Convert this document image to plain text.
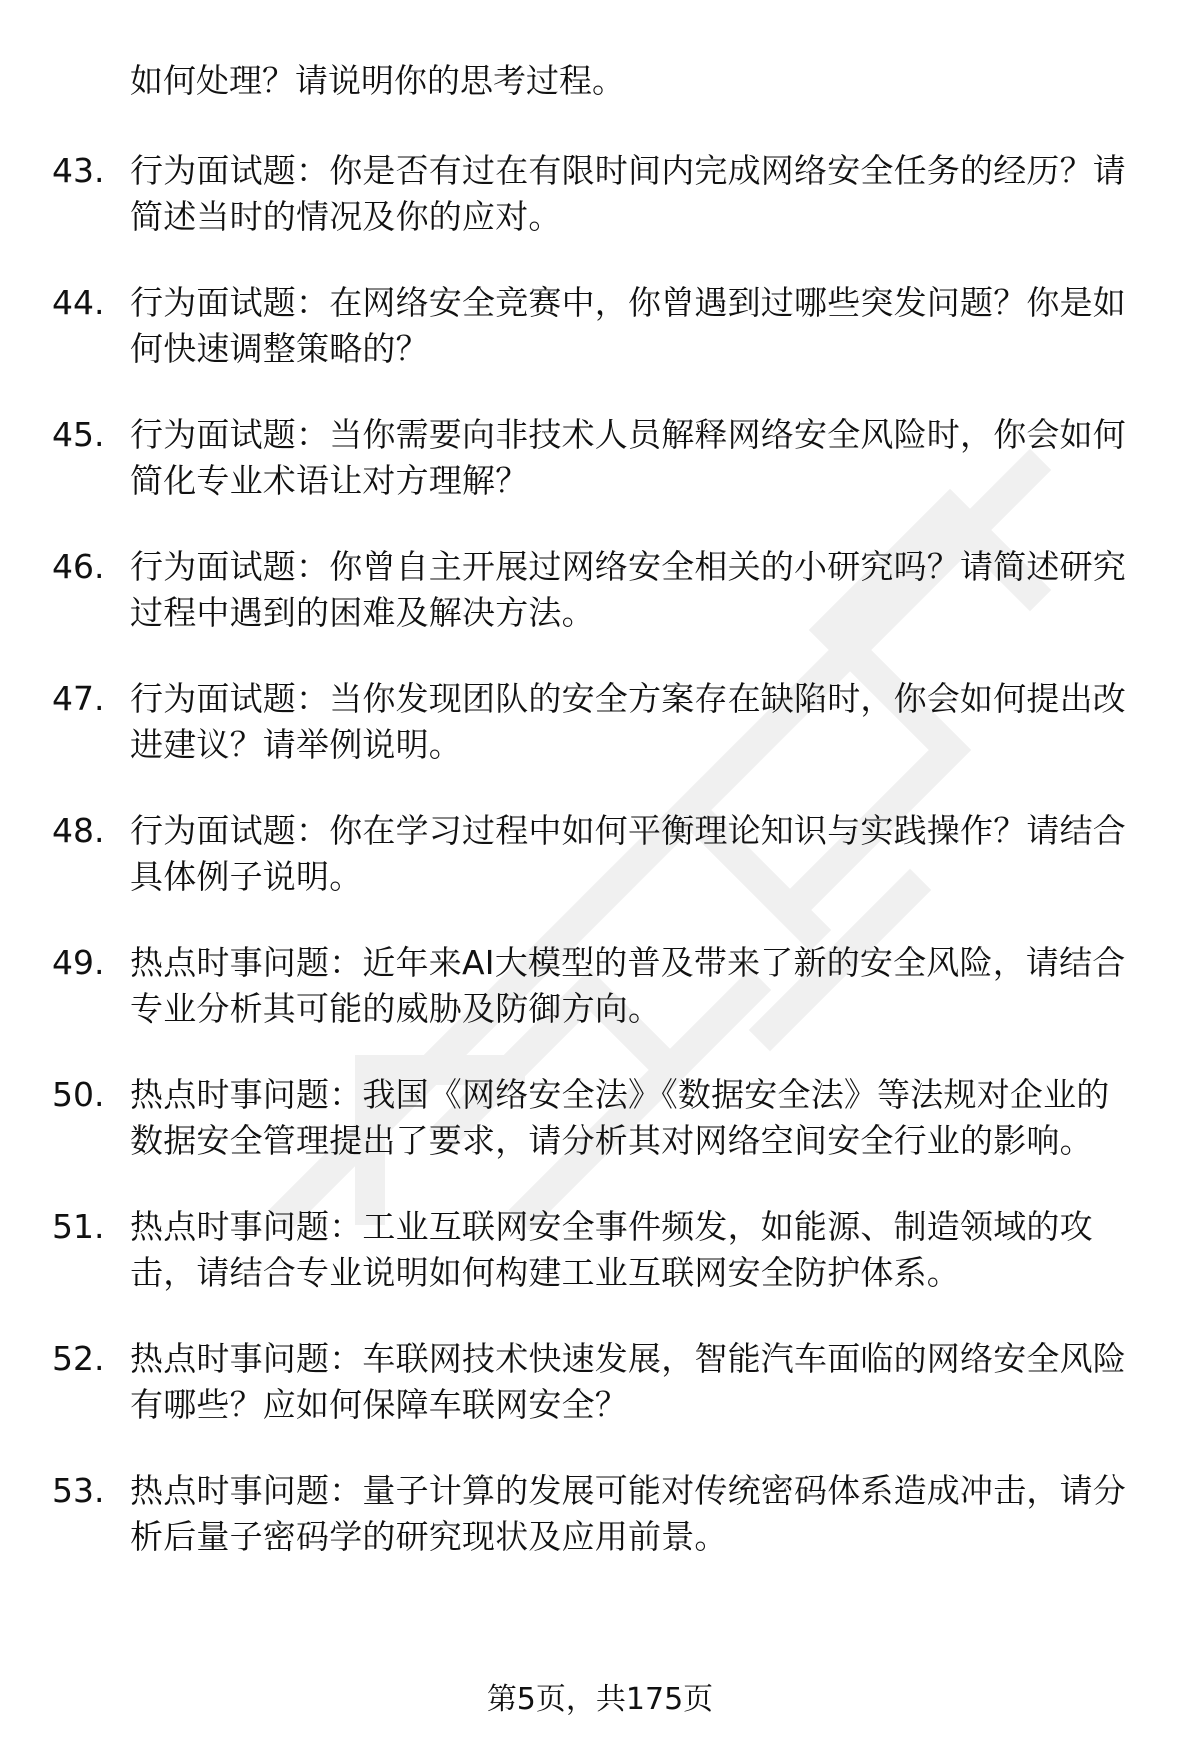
如何处理？请说明你的思考过程。
43. 行为面试题：你是否有过在有限时间内完成网络安全任务的经历？请简述当时的情况及你的应对。
44. 行为面试题：在网络安全竞赛中，你曾遇到过哪些突发问题？你是如何快速调整策略的？
45. 行为面试题：当你需要向非技术人员解释网络安全风险时，你会如何简化专业术语让对方理解？
46. 行为面试题：你曾自主开展过网络安全相关的小研究吗？请简述研究过程中遇到的困难及解决方法。
47. 行为面试题：当你发现团队的安全方案存在缺陷时，你会如何提出改进建议？请举例说明。
48. 行为面试题：你在学习过程中如何平衡理论知识与实践操作？请结合具体例子说明。
49. 热点时事问题：近年来AI大模型的普及带来了新的安全风险，请结合专业分析其可能的威胁及防御方向。
50. 热点时事问题：我国《网络安全法》《数据安全法》等法规对企业的数据安全管理提出了要求，请分析其对网络空间安全行业的影响。
51. 热点时事问题：工业互联网安全事件频发，如能源、制造领域的攻击，请结合专业说明如何构建工业互联网安全防护体系。
52. 热点时事问题：车联网技术快速发展，智能汽车面临的网络安全风险有哪些？应如何保障车联网安全？
53. 热点时事问题：量子计算的发展可能对传统密码体系造成冲击，请分析后量子密码学的研究现状及应用前景。
第5页，共175页
